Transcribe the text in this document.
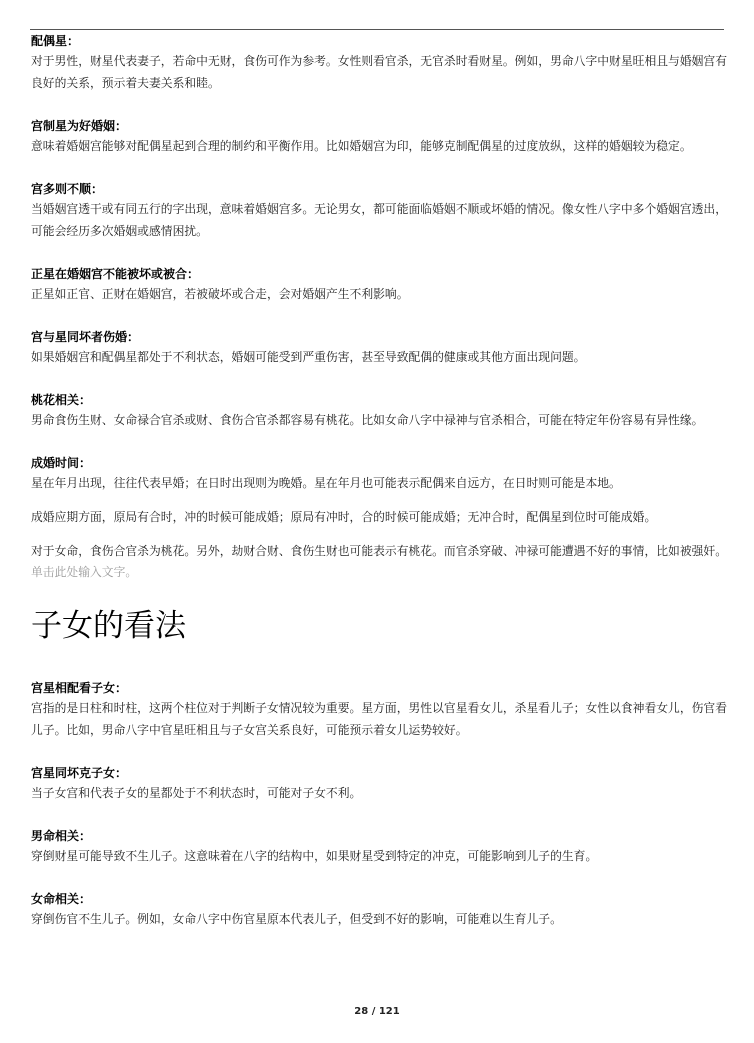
配偶星：

对于男性，财星代表妻子，若命中无财，食伤可作为参考。女性则看官杀，无官杀时看财星。例如，男命八字中财星旺相且与婚姻宫有良好的关系，预示着夫妻关系和睦。

宫制星为好婚姻：

意味着婚姻宫能够对配偶星起到合理的制约和平衡作用。比如婚姻宫为印，能够克制配偶星的过度放纵，这样的婚姻较为稳定。

宫多则不顺：

当婚姻宫透干或有同五行的字出现，意味着婚姻宫多。无论男女，都可能面临婚姻不顺或坏婚的情况。像女性八字中多个婚姻宫透出，可能会经历多次婚姻或感情困扰。

正星在婚姻宫不能被坏或被合：

正星如正官、正财在婚姻宫，若被破坏或合走，会对婚姻产生不利影响。

宫与星同坏者伤婚：

如果婚姻宫和配偶星都处于不利状态，婚姻可能受到严重伤害，甚至导致配偶的健康或其他方面出现问题。

桃花相关：

男命食伤生财、女命禄合官杀或财、食伤合官杀都容易有桃花。比如女命八字中禄神与官杀相合，可能在特定年份容易有异性缘。

成婚时间：

星在年月出现，往往代表早婚；在日时出现则为晚婚。星在年月也可能表示配偶来自远方，在日时则可能是本地。

成婚应期方面，原局有合时，冲的时候可能成婚；原局有冲时，合的时候可能成婚；无冲合时，配偶星到位时可能成婚。

对于女命，食伤合官杀为桃花。另外，劫财合财、食伤生财也可能表示有桃花。而官杀穿破、冲禄可能遭遇不好的事情，比如被强奸。

单击此处输入文字。
子女的看法
宫星相配看子女：

宫指的是日柱和时柱，这两个柱位对于判断子女情况较为重要。星方面，男性以官星看女儿，杀星看儿子；女性以食神看女儿，伤官看儿子。比如，男命八字中官星旺相且与子女宫关系良好，可能预示着女儿运势较好。

宫星同坏克子女：

当子女宫和代表子女的星都处于不利状态时，可能对子女不利。

男命相关：

穿倒财星可能导致不生儿子。这意味着在八字的结构中，如果财星受到特定的冲克，可能影响到儿子的生育。

女命相关：

穿倒伤官不生儿子。例如，女命八字中伤官星原本代表儿子，但受到不好的影响，可能难以生育儿子。

28 / 121
